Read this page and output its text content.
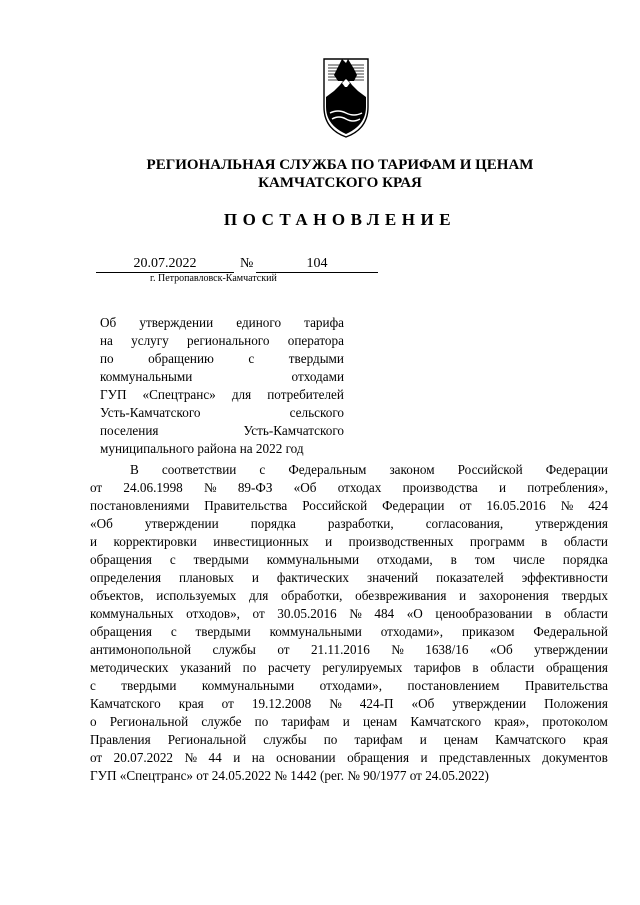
РЕГИОНАЛЬНАЯ СЛУЖБА ПО ТАРИФАМ И ЦЕНАМ
КАМЧАТСКОГО КРАЯ
ПОСТАНОВЛЕНИЕ
20.07.2022	№	104
г. Петропавловск-Камчатский
Об утверждении единого тарифа
на услугу регионального оператора
по	обращению	с	твердыми
коммунальными	отходами
ГУП «Спецтранс» для потребителей
Усть-Камчатского	сельского
поселения	Усть-Камчатского
муниципального района на 2022 год
В соответствии с Федеральным законом Российской Федерации
от 24.06.1998 № 89-ФЗ «Об отходах производства и потребления»,
постановлениями Правительства Российской Федерации от 16.05.2016 № 424
«Об утверждении порядка разработки, согласования, утверждения
и корректировки инвестиционных и производственных программ в области
обращения с твердыми коммунальными отходами, в том числе порядка
определения плановых и фактических значений показателей эффективности
объектов, используемых для обработки, обезвреживания и захоронения твердых
коммунальных отходов», от 30.05.2016 № 484 «О ценообразовании в области
обращения с твердыми коммунальными отходами», приказом Федеральной
антимонопольной службы от 21.11.2016 № 1638/16 «Об утверждении
методических указаний по расчету регулируемых тарифов в области обращения
с твердыми коммунальными отходами», постановлением Правительства
Камчатского края от 19.12.2008 № 424-П «Об утверждении Положения
о Региональной службе по тарифам и ценам Камчатского края», протоколом
Правления Региональной службы по тарифам и ценам Камчатского края
от 20.07.2022 № 44 и на основании обращения и представленных документов
ГУП «Спецтранс» от 24.05.2022 № 1442 (рег. № 90/1977 от 24.05.2022)
